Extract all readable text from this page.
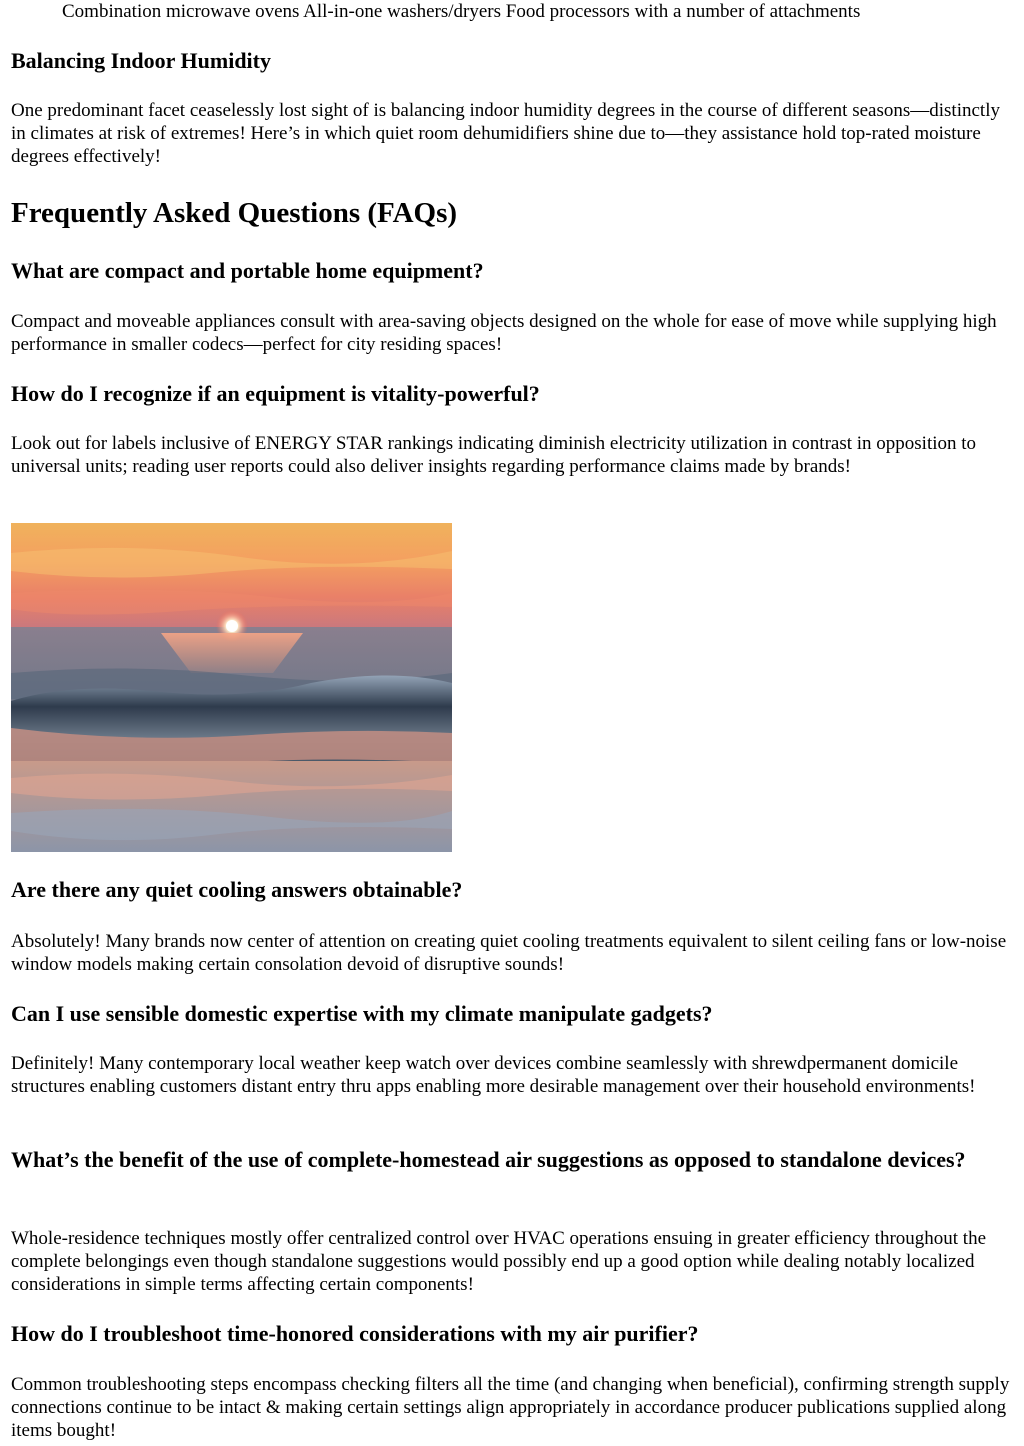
Combination microwave ovens All-in-one washers/dryers Food processors with a number of attachments
Balancing Indoor Humidity

One predominant facet ceaselessly lost sight of is balancing indoor humidity degrees in the course of different seasons—distinctly in climates at risk of extremes! Here’s in which quiet room dehumidifiers shine due to—they assistance hold top-rated moisture degrees effectively!

Frequently Asked Questions (FAQs)
What are compact and portable home equipment?

Compact and moveable appliances consult with area-saving objects designed on the whole for ease of move while supplying high performance in smaller codecs—perfect for city residing spaces!

How do I recognize if an equipment is vitality-powerful?

Look out for labels inclusive of ENERGY STAR rankings indicating diminish electricity utilization in contrast in opposition to universal units; reading user reports could also deliver insights regarding performance claims made by brands!

Are there any quiet cooling answers obtainable?

Absolutely! Many brands now center of attention on creating quiet cooling treatments equivalent to silent ceiling fans or low-noise window models making certain consolation devoid of disruptive sounds!

Can I use sensible domestic expertise with my climate manipulate gadgets?

Definitely! Many contemporary local weather keep watch over devices combine seamlessly with shrewdpermanent domicile structures enabling customers distant entry thru apps enabling more desirable management over their household environments!

What’s the benefit of the use of complete-homestead air suggestions as opposed to standalone devices?

Whole-residence techniques mostly offer centralized control over HVAC operations ensuing in greater efficiency throughout the complete belongings even though standalone suggestions would possibly end up a good option while dealing notably localized considerations in simple terms affecting certain components!

How do I troubleshoot time-honored considerations with my air purifier?

Common troubleshooting steps encompass checking filters all the time (and changing when beneficial), confirming strength supply connections continue to be intact & making certain settings align appropriately in accordance producer publications supplied along items bought!
